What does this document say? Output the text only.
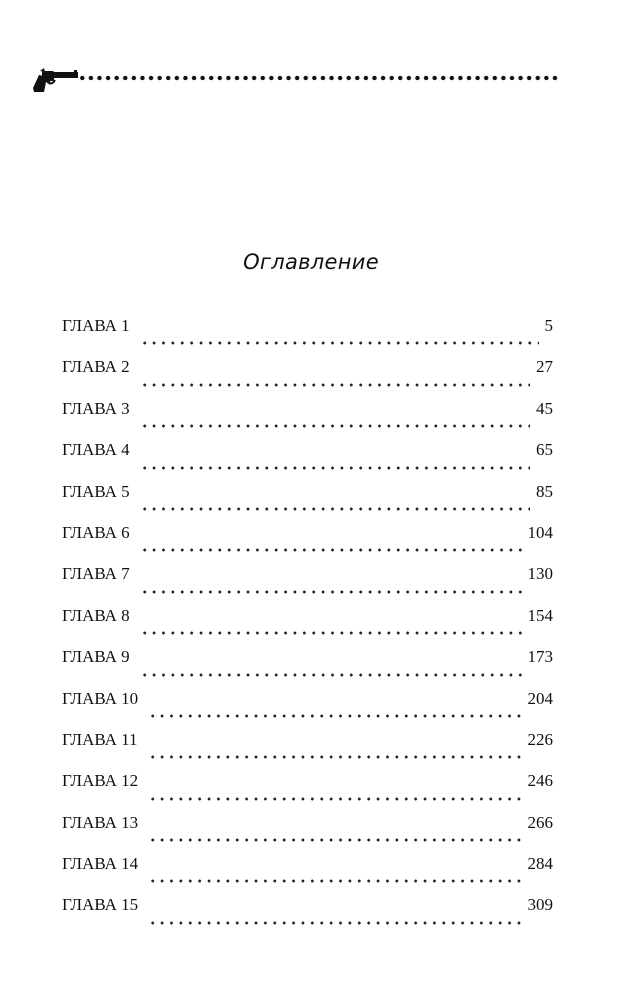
Оглавление
ГЛАВА 1	5
ГЛАВА 2	27
ГЛАВА 3	45
ГЛАВА 4	65
ГЛАВА 5	85
ГЛАВА 6	104
ГЛАВА 7	130
ГЛАВА 8	154
ГЛАВА 9	173
ГЛАВА 10	204
ГЛАВА 11	226
ГЛАВА 12	246
ГЛАВА 13	266
ГЛАВА 14	284
ГЛАВА 15	309
